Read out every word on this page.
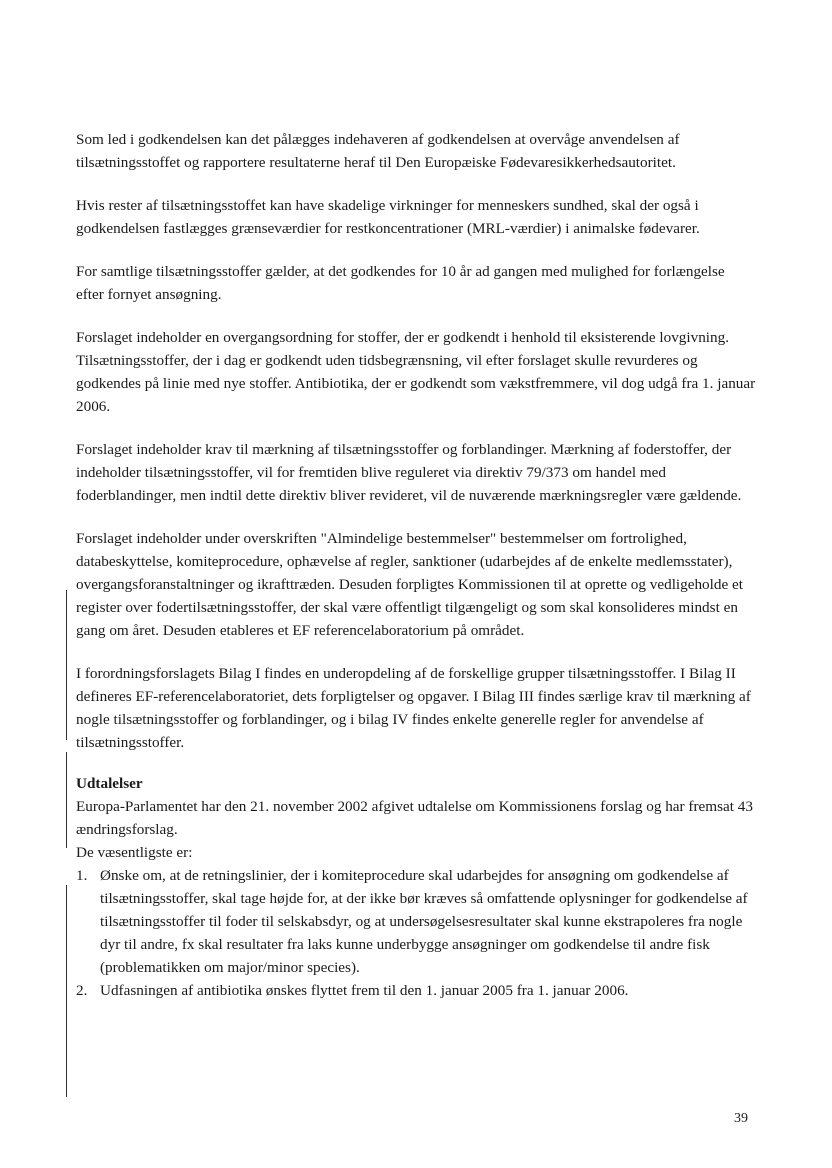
Som led i godkendelsen kan det pålægges indehaveren af godkendelsen at overvåge anvendelsen af tilsætningsstoffet og rapportere resultaterne heraf til Den Europæiske Fødevaresikkerhedsautoritet.

Hvis rester af tilsætningsstoffet kan have skadelige virkninger for menneskers sundhed, skal der også i godkendelsen fastlægges grænseværdier for restkoncentrationer (MRL-værdier) i animalske fødevarer.

For samtlige tilsætningsstoffer gælder, at det godkendes for 10 år ad gangen med mulighed for forlængelse efter fornyet ansøgning.

Forslaget indeholder en overgangsordning for stoffer, der er godkendt i henhold til eksisterende lovgivning. Tilsætningsstoffer, der i dag er godkendt uden tidsbegrænsning, vil efter forslaget skulle revurderes og godkendes på linie med nye stoffer. Antibiotika, der er godkendt som vækstfremmere, vil dog udgå fra 1. januar 2006.

Forslaget indeholder krav til mærkning af tilsætningsstoffer og forblandinger. Mærkning af foderstoffer, der indeholder tilsætningsstoffer, vil for fremtiden blive reguleret via direktiv 79/373 om handel med foderblandinger, men indtil dette direktiv bliver revideret, vil de nuværende mærkningsregler være gældende.

Forslaget indeholder under overskriften "Almindelige bestemmelser" bestemmelser om fortrolighed, databeskyttelse, komiteprocedure, ophævelse af regler, sanktioner (udarbejdes af de enkelte medlemsstater), overgangsforanstaltninger og ikrafttræden. Desuden forpligtes Kommissionen til at oprette og vedligeholde et register over fodertilsætningsstoffer, der skal være offentligt tilgængeligt og som skal konsolideres mindst en gang om året. Desuden etableres et EF referencelaboratorium på området.

I forordningsforslagets Bilag I findes en underopdeling af de forskellige grupper tilsætningsstoffer. I Bilag II defineres EF-referencelaboratoriet, dets forpligtelser og opgaver. I Bilag III findes særlige krav til mærkning af nogle tilsætningsstoffer og forblandinger, og i bilag IV findes enkelte generelle regler for anvendelse af tilsætningsstoffer.

Udtalelser

Europa-Parlamentet har den 21. november 2002 afgivet udtalelse om Kommissionens forslag og har fremsat 43 ændringsforslag.

De væsentligste er:

1. Ønske om, at de retningslinier, der i komiteprocedure skal udarbejdes for ansøgning om godkendelse af tilsætningsstoffer, skal tage højde for, at der ikke bør kræves så omfattende oplysninger for godkendelse af tilsætningsstoffer til foder til selskabsdyr, og at undersøgelsesresultater skal kunne ekstrapoleres fra nogle dyr til andre, fx skal resultater fra laks kunne underbygge ansøgninger om godkendelse til andre fisk (problematikken om major/minor species).
2. Udfasningen af antibiotika ønskes flyttet frem til den 1. januar 2005 fra 1. januar 2006.
39
